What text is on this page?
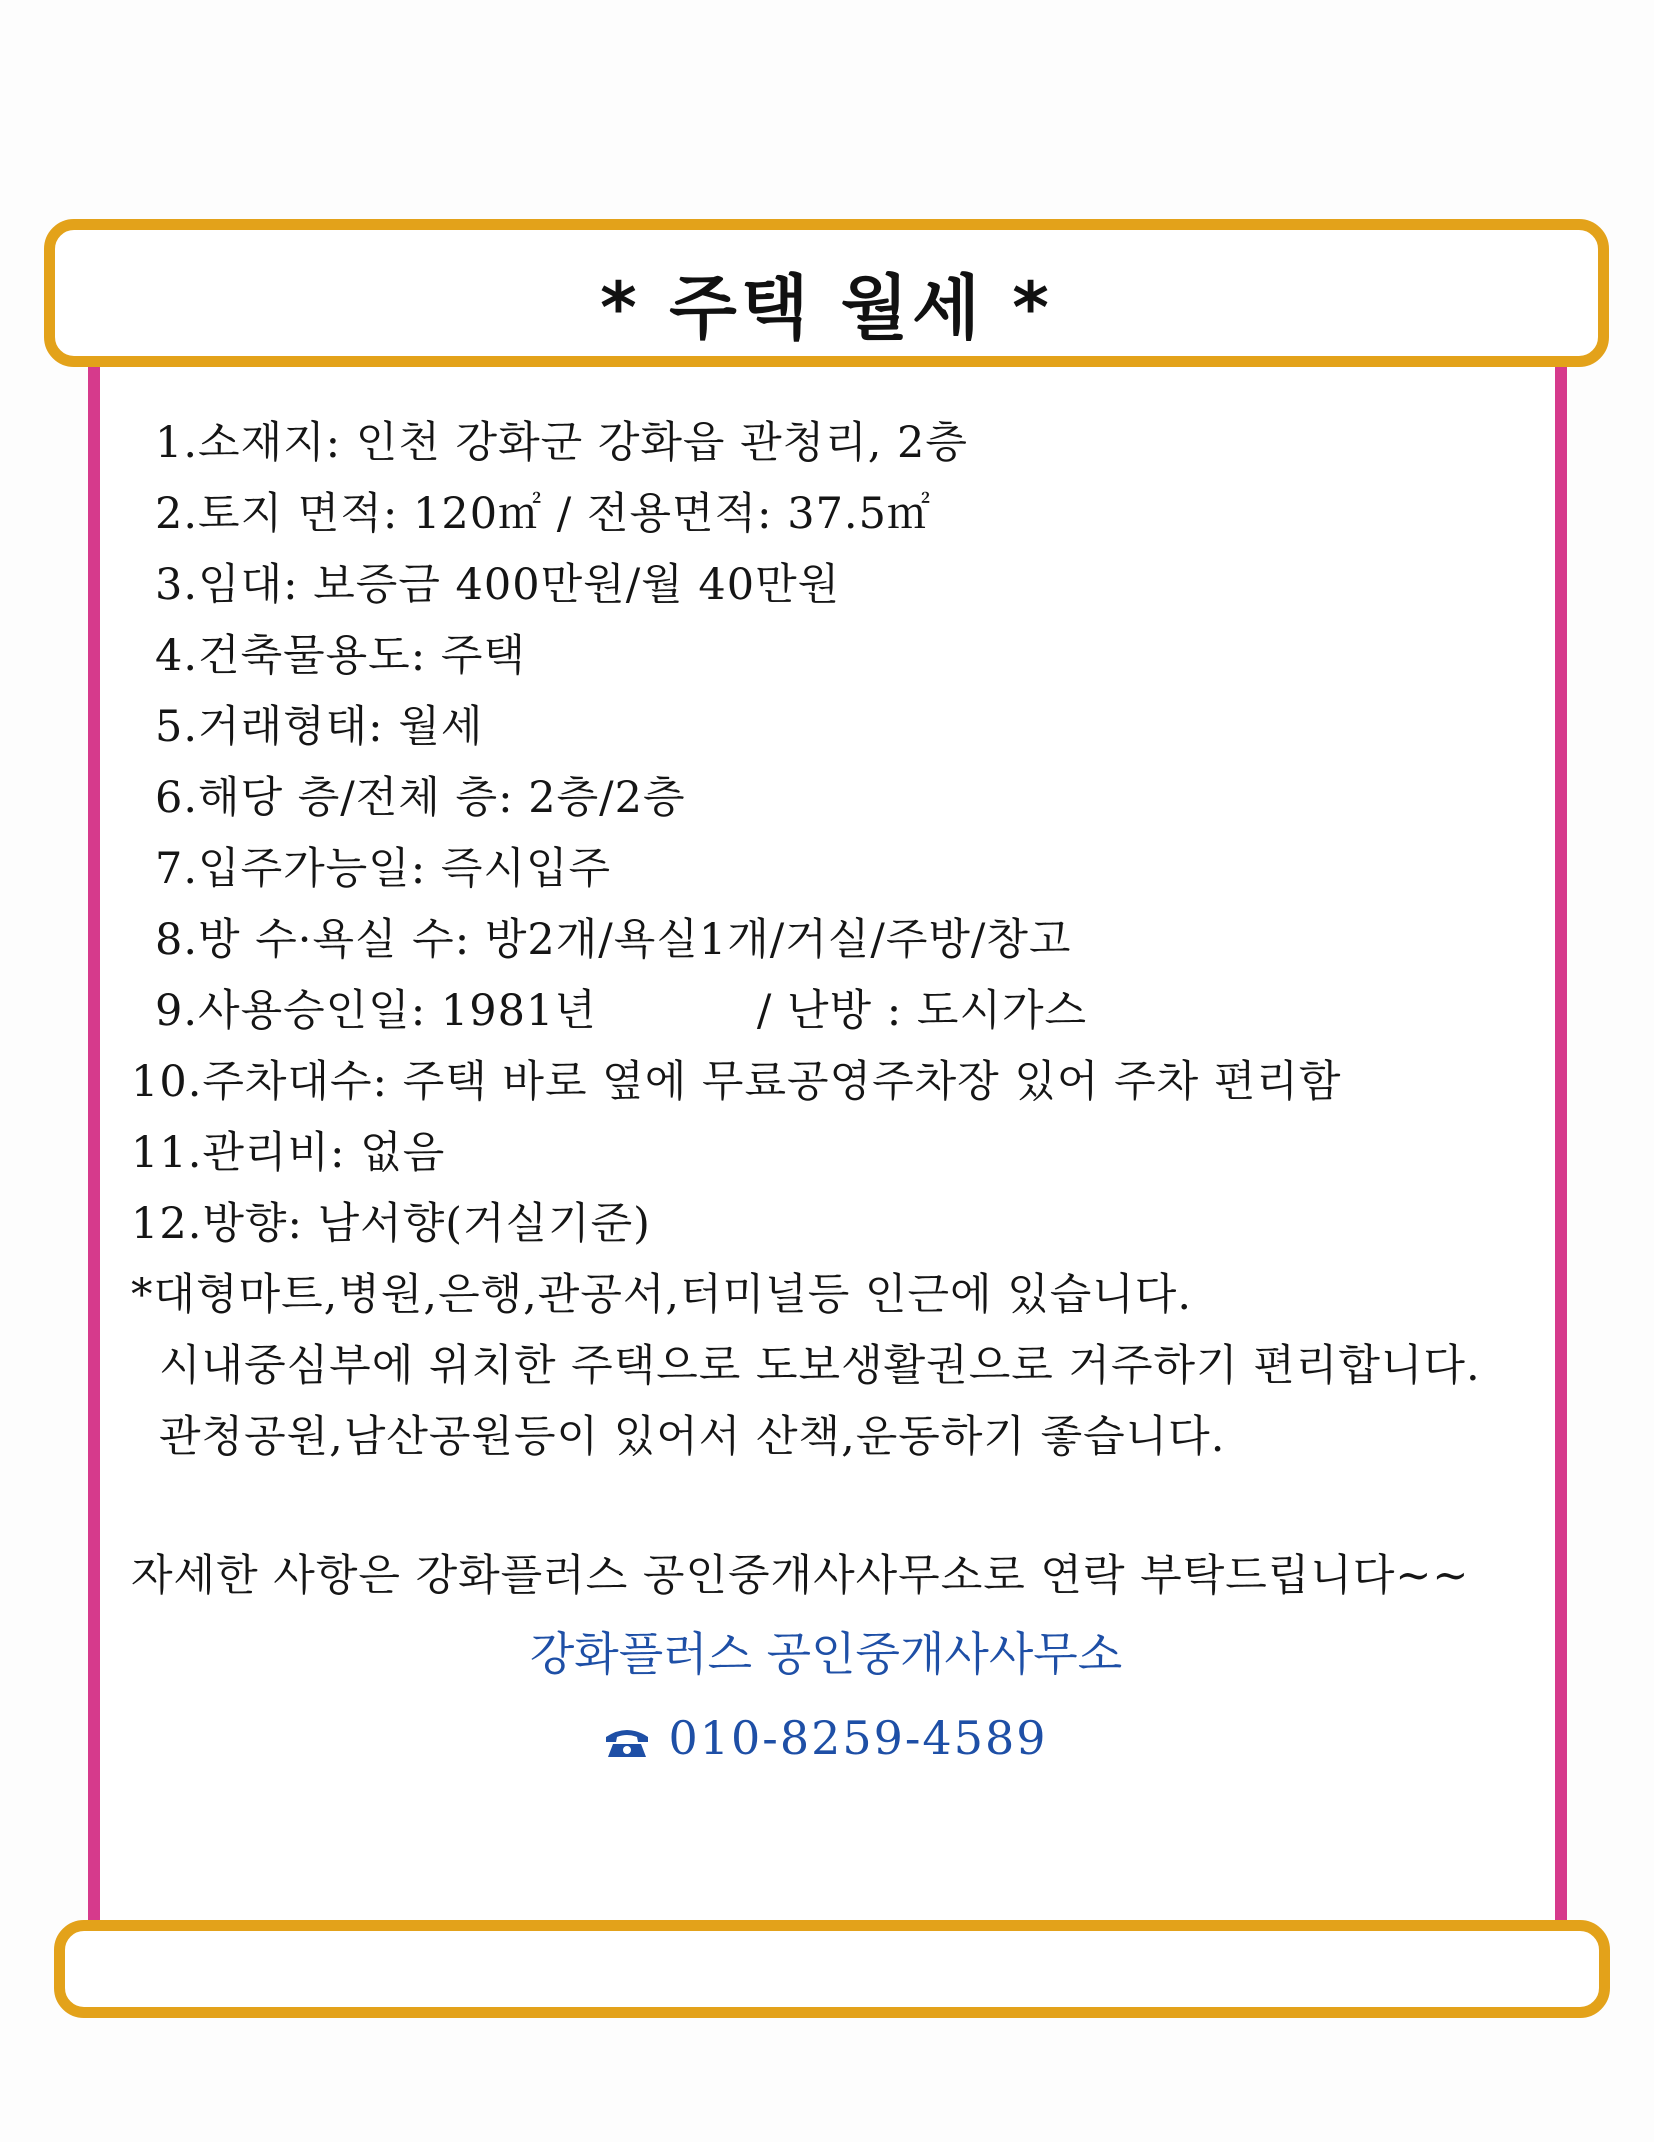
* 주택 월세 *
1.소재지: 인천 강화군 강화읍 관청리, 2층
2.토지 면적: 120㎡ / 전용면적: 37.5㎡
3.임대: 보증금 400만원/월 40만원
4.건축물용도: 주택
5.거래형태: 월세
6.해당 층/전체 층: 2층/2층
7.입주가능일: 즉시입주
8.방 수·욕실 수: 방2개/욕실1개/거실/주방/창고
9.사용승인일: 1981년	/ 난방 : 도시가스
10.주차대수: 주택 바로 옆에 무료공영주차장 있어 주차 편리함
11.관리비: 없음
12.방향: 남서향(거실기준)
*대형마트,병원,은행,관공서,터미널등 인근에 있습니다.
시내중심부에 위치한 주택으로 도보생활권으로 거주하기 편리합니다.
관청공원,남산공원등이 있어서 산책,운동하기 좋습니다.
자세한 사항은 강화플러스 공인중개사사무소로 연락 부탁드립니다~~
강화플러스 공인중개사사무소
010-8259-4589
